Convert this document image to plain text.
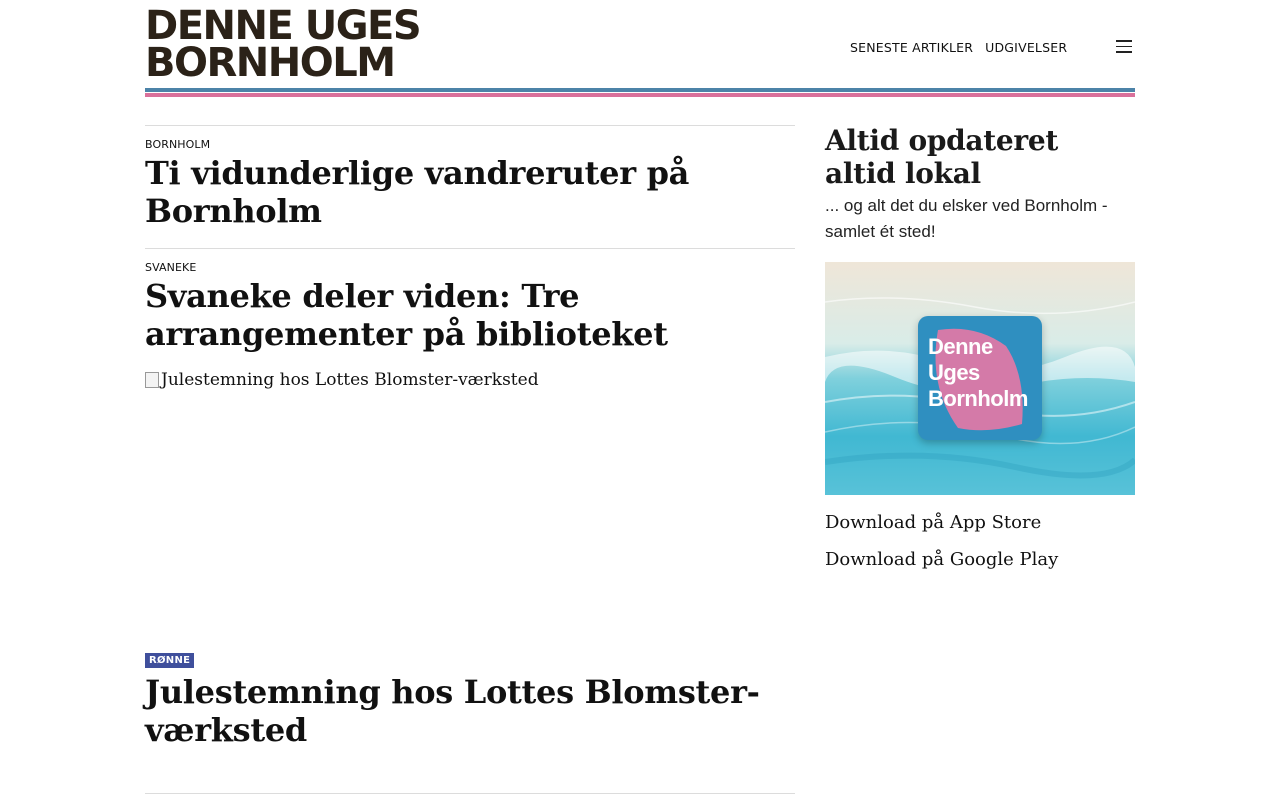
DENNE UGES
BORNHOLM	SENESTE ARTIKLER UDGIVELSER
BORNHOLM
Ti vidunderlige vandreruter på Bornholm
SVANEKE
Svaneke deler viden: Tre arrangementer på biblioteket
Julestemning hos Lottes Blomster-værksted
RØNNE
Julestemning hos Lottes Blomster-værksted
Altid opdateret
altid lokal

... og alt det du elsker ved Bornholm - samlet ét sted!

Denne
Uges
Bornholm
Download på App Store
Download på Google Play
